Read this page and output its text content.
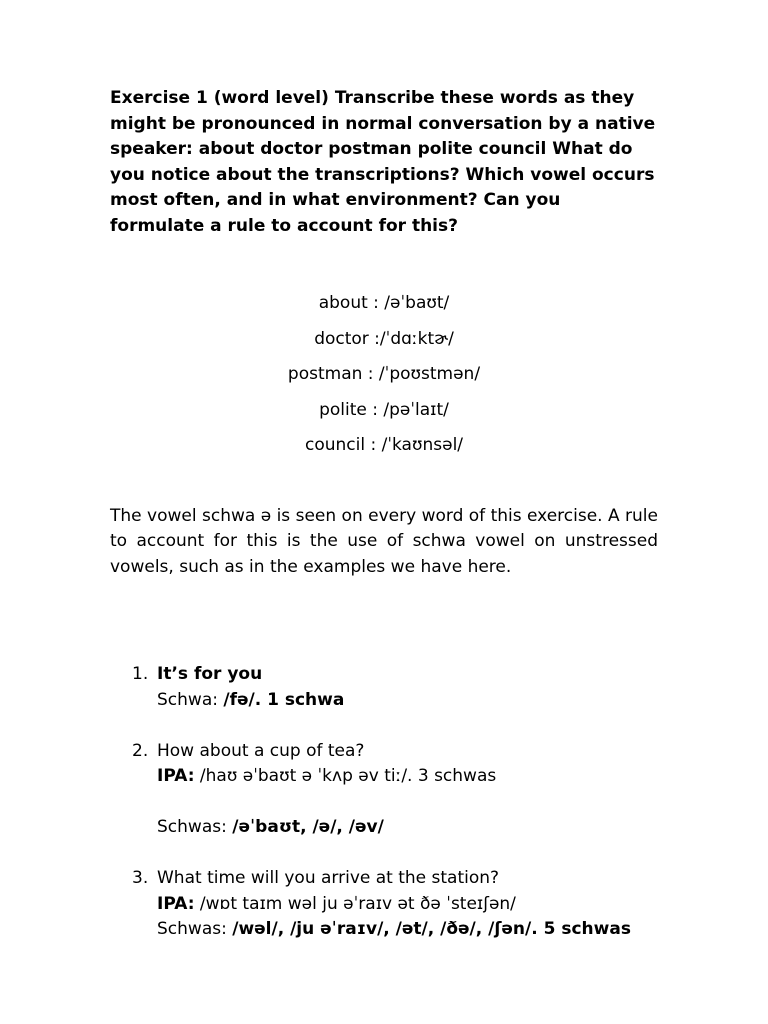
Exercise 1 (word level) Transcribe these words as they might be pronounced in normal conversation by a native speaker: about doctor postman polite council What do you notice about the transcriptions? Which vowel occurs most often, and in what environment? Can you formulate a rule to account for this?

about : /əˈbaʊt/
doctor :/ˈdɑːktɚ/
postman : /ˈpoʊstmən/
polite : /pəˈlaɪt/
council : /ˈkaʊnsəl/

The vowel schwa ə is seen on every word of this exercise. A rule to account for this is the use of schwa vowel on unstressed vowels, such as in the examples we have here.

1. It’s for you
Schwa: /fə/. 1 schwa
2. How about a cup of tea?
IPA: /haʊ əˈbaʊt ə ˈkʌp əv tiː/. 3 schwas
Schwas: /əˈbaʊt, /ə/, /əv/
3. What time will you arrive at the station?
IPA: /wɒt taɪm wəl ju əˈraɪv ət ðə ˈsteɪʃən/
Schwas: /wəl/, /ju əˈraɪv/, /ət/, /ðə/, /ʃən/. 5 schwas
